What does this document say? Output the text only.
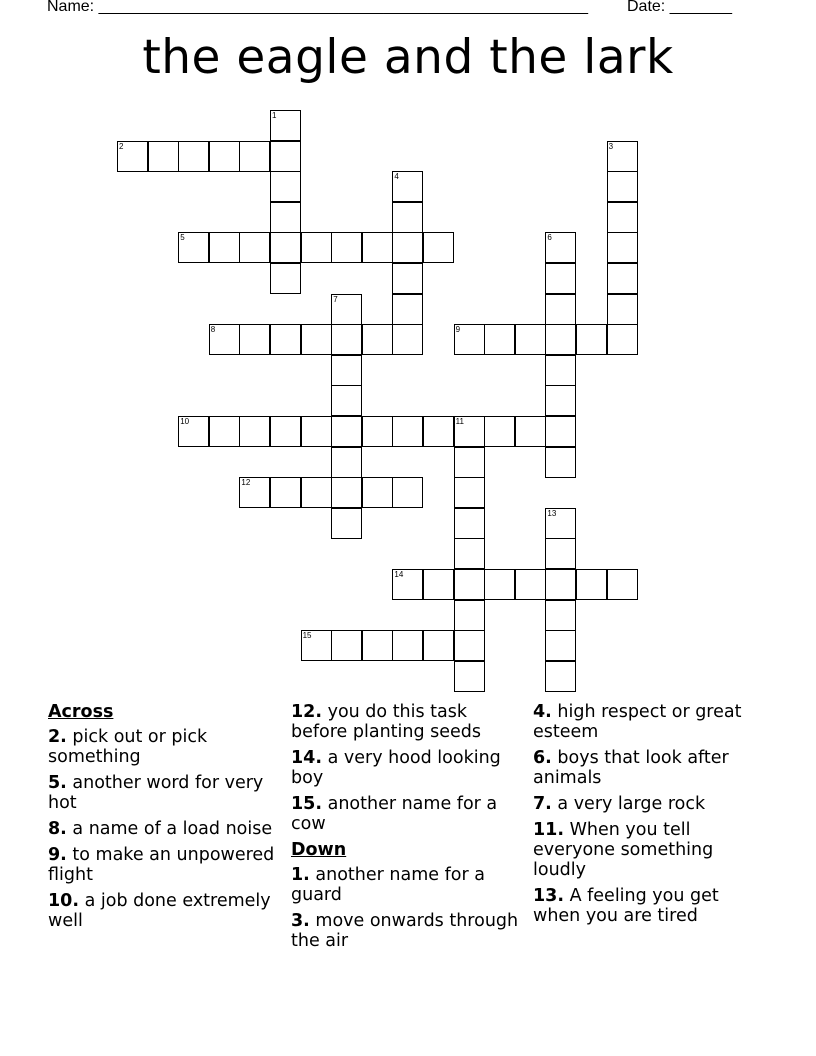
Name: _______________________________________________________ Date: _______
the eagle and the lark
1
2	3
4
5	6
7
8	9
10	11
12
13
14
15
Across
2. pick out or pick something
5. another word for very hot
8. a name of a load noise
9. to make an unpowered flight
10. a job done extremely well
12. you do this task before planting seeds
14. a very hood looking boy
15. another name for a cow
Down
1. another name for a guard
3. move onwards through the air
4. high respect or great esteem
6. boys that look after animals
7. a very large rock
11. When you tell everyone something loudly
13. A feeling you get when you are tired
